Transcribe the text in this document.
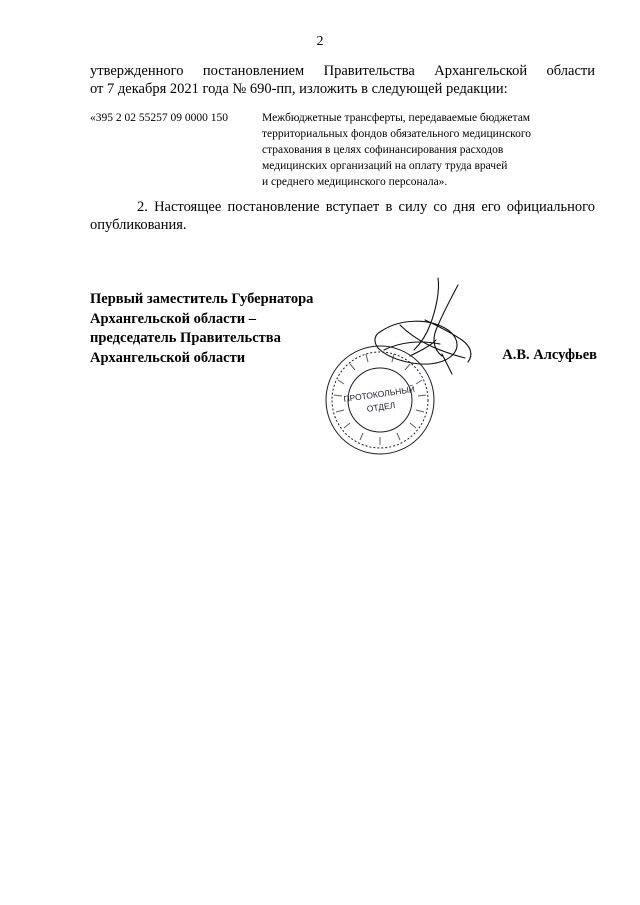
2
утвержденного постановлением Правительства Архангельской области
от 7 декабря 2021 года № 690-пп, изложить в следующей редакции:
«395 2 02 55257 09 0000 150	Межбюджетные трансферты, передаваемые бюджетам
территориальных фондов обязательного медицинского
страхования в целях софинансирования расходов
медицинских организаций на оплату труда врачей
и среднего медицинского персонала».
2. Настоящее постановление вступает в силу со дня его официального
опубликования.
Первый заместитель Губернатора
Архангельской области –
председатель Правительства
Архангельской области	А.В. Алсуфьев
ПРОТОКОЛЬНЫЙ
ОТДЕЛ
